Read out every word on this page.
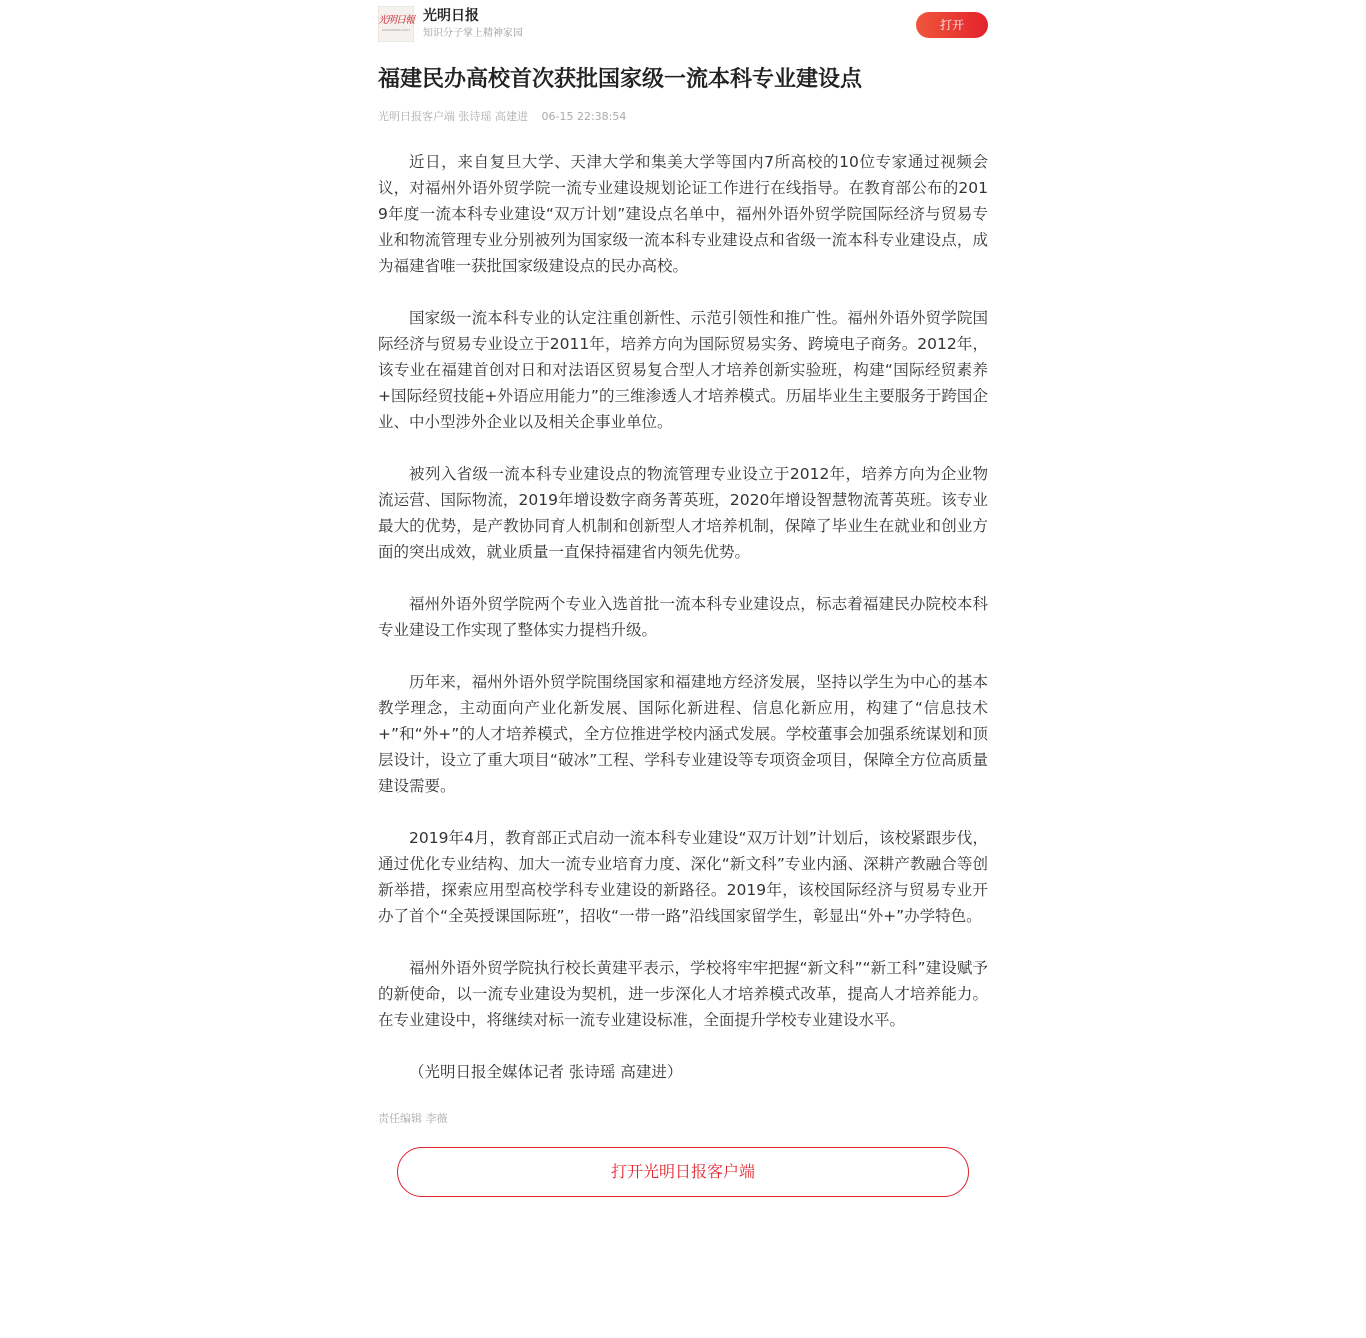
光明日報
GUANGMING DAILY
光明日报
知识分子掌上精神家园
打开
福建民办高校首次获批国家级一流本科专业建设点
光明日报客户端 张诗瑶 高建进 06-15 22:38:54

近日，来自复旦大学、天津大学和集美大学等国内7所高校的10位专家通过视频会议，对福州外语外贸学院一流专业建设规划论证工作进行在线指导。在教育部公布的2019年度一流本科专业建设“双万计划”建设点名单中，福州外语外贸学院国际经济与贸易专业和物流管理专业分别被列为国家级一流本科专业建设点和省级一流本科专业建设点，成为福建省唯一获批国家级建设点的民办高校。

国家级一流本科专业的认定注重创新性、示范引领性和推广性。福州外语外贸学院国际经济与贸易专业设立于2011年，培养方向为国际贸易实务、跨境电子商务。2012年，该专业在福建首创对日和对法语区贸易复合型人才培养创新实验班，构建“国际经贸素养+国际经贸技能+外语应用能力”的三维渗透人才培养模式。历届毕业生主要服务于跨国企业、中小型涉外企业以及相关企事业单位。

被列入省级一流本科专业建设点的物流管理专业设立于2012年，培养方向为企业物流运营、国际物流，2019年增设数字商务菁英班，2020年增设智慧物流菁英班。该专业最大的优势，是产教协同育人机制和创新型人才培养机制，保障了毕业生在就业和创业方面的突出成效，就业质量一直保持福建省内领先优势。

福州外语外贸学院两个专业入选首批一流本科专业建设点，标志着福建民办院校本科专业建设工作实现了整体实力提档升级。

历年来，福州外语外贸学院围绕国家和福建地方经济发展，坚持以学生为中心的基本教学理念，主动面向产业化新发展、国际化新进程、信息化新应用，构建了“信息技术+”和“外+”的人才培养模式，全方位推进学校内涵式发展。学校董事会加强系统谋划和顶层设计，设立了重大项目“破冰”工程、学科专业建设等专项资金项目，保障全方位高质量建设需要。

2019年4月，教育部正式启动一流本科专业建设“双万计划”计划后，该校紧跟步伐，通过优化专业结构、加大一流专业培育力度、深化“新文科”专业内涵、深耕产教融合等创新举措，探索应用型高校学科专业建设的新路径。2019年，该校国际经济与贸易专业开办了首个“全英授课国际班”，招收“一带一路”沿线国家留学生，彰显出“外+”办学特色。

福州外语外贸学院执行校长黄建平表示，学校将牢牢把握“新文科”“新工科”建设赋予的新使命，以一流专业建设为契机，进一步深化人才培养模式改革，提高人才培养能力。在专业建设中，将继续对标一流专业建设标准，全面提升学校专业建设水平。

（光明日报全媒体记者 张诗瑶 高建进）

责任编辑 李薇
打开光明日报客户端
